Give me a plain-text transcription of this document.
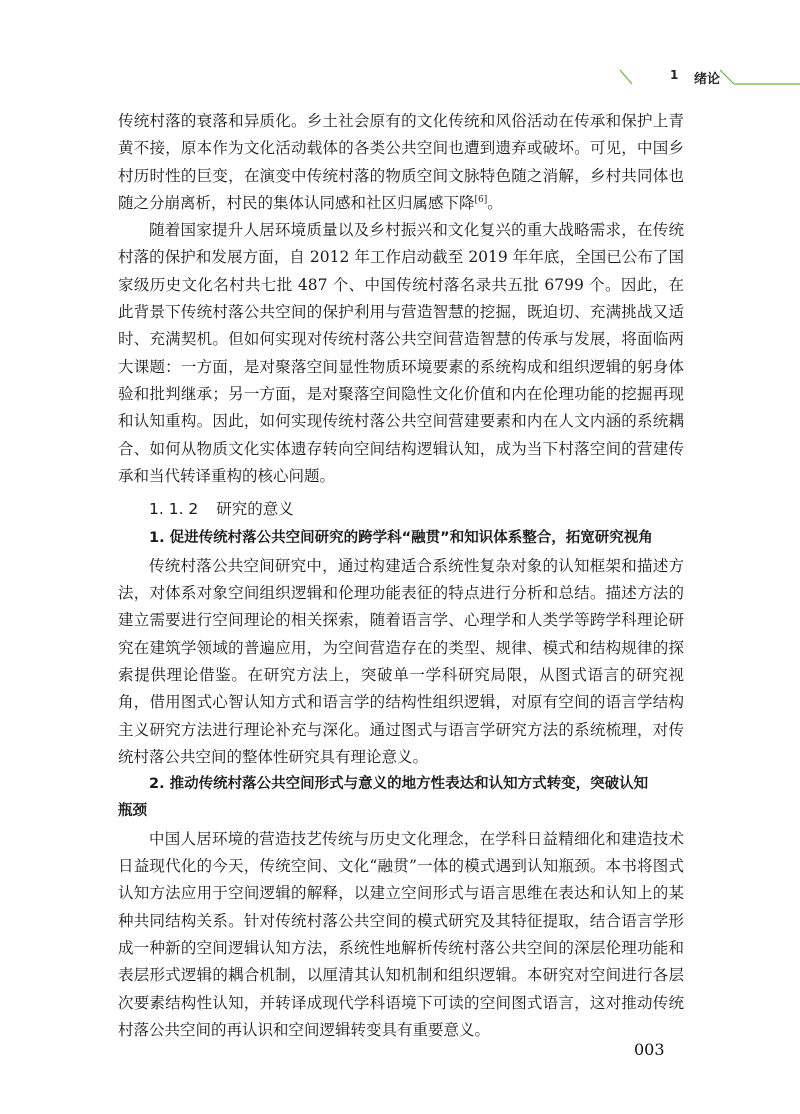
1 绪论

传统村落的衰落和异质化。乡土社会原有的文化传统和风俗活动在传承和保护上青黄不接，原本作为文化活动载体的各类公共空间也遭到遗弃或破坏。可见，中国乡村历时性的巨变，在演变中传统村落的物质空间文脉特色随之消解，乡村共同体也随之分崩离析，村民的集体认同感和社区归属感下降[6]。

随着国家提升人居环境质量以及乡村振兴和文化复兴的重大战略需求，在传统村落的保护和发展方面，自 2012 年工作启动截至 2019 年年底，全国已公布了国家级历史文化名村共七批 487 个、中国传统村落名录共五批 6799 个。因此，在此背景下传统村落公共空间的保护利用与营造智慧的挖掘，既迫切、充满挑战又适时、充满契机。但如何实现对传统村落公共空间营造智慧的传承与发展，将面临两大课题：一方面，是对聚落空间显性物质环境要素的系统构成和组织逻辑的躬身体验和批判继承；另一方面，是对聚落空间隐性文化价值和内在伦理功能的挖掘再现和认知重构。因此，如何实现传统村落公共空间营建要素和内在人文内涵的系统耦合、如何从物质文化实体遗存转向空间结构逻辑认知，成为当下村落空间的营建传承和当代转译重构的核心问题。

1. 1. 2 研究的意义
1. 促进传统村落公共空间研究的跨学科“融贯”和知识体系整合，拓宽研究视角

传统村落公共空间研究中，通过构建适合系统性复杂对象的认知框架和描述方法，对体系对象空间组织逻辑和伦理功能表征的特点进行分析和总结。描述方法的建立需要进行空间理论的相关探索，随着语言学、心理学和人类学等跨学科理论研究在建筑学领域的普遍应用，为空间营造存在的类型、规律、模式和结构规律的探索提供理论借鉴。在研究方法上，突破单一学科研究局限，从图式语言的研究视角，借用图式心智认知方式和语言学的结构性组织逻辑，对原有空间的语言学结构主义研究方法进行理论补充与深化。通过图式与语言学研究方法的系统梳理，对传统村落公共空间的整体性研究具有理论意义。

2. 推动传统村落公共空间形式与意义的地方性表达和认知方式转变，突破认知
瓶颈

中国人居环境的营造技艺传统与历史文化理念，在学科日益精细化和建造技术日益现代化的今天，传统空间、文化“融贯”一体的模式遇到认知瓶颈。本书将图式认知方法应用于空间逻辑的解释，以建立空间形式与语言思维在表达和认知上的某种共同结构关系。针对传统村落公共空间的模式研究及其特征提取，结合语言学形成一种新的空间逻辑认知方法，系统性地解析传统村落公共空间的深层伦理功能和表层形式逻辑的耦合机制，以厘清其认知机制和组织逻辑。本研究对空间进行各层次要素结构性认知，并转译成现代学科语境下可读的空间图式语言，这对推动传统村落公共空间的再认识和空间逻辑转变具有重要意义。

003
